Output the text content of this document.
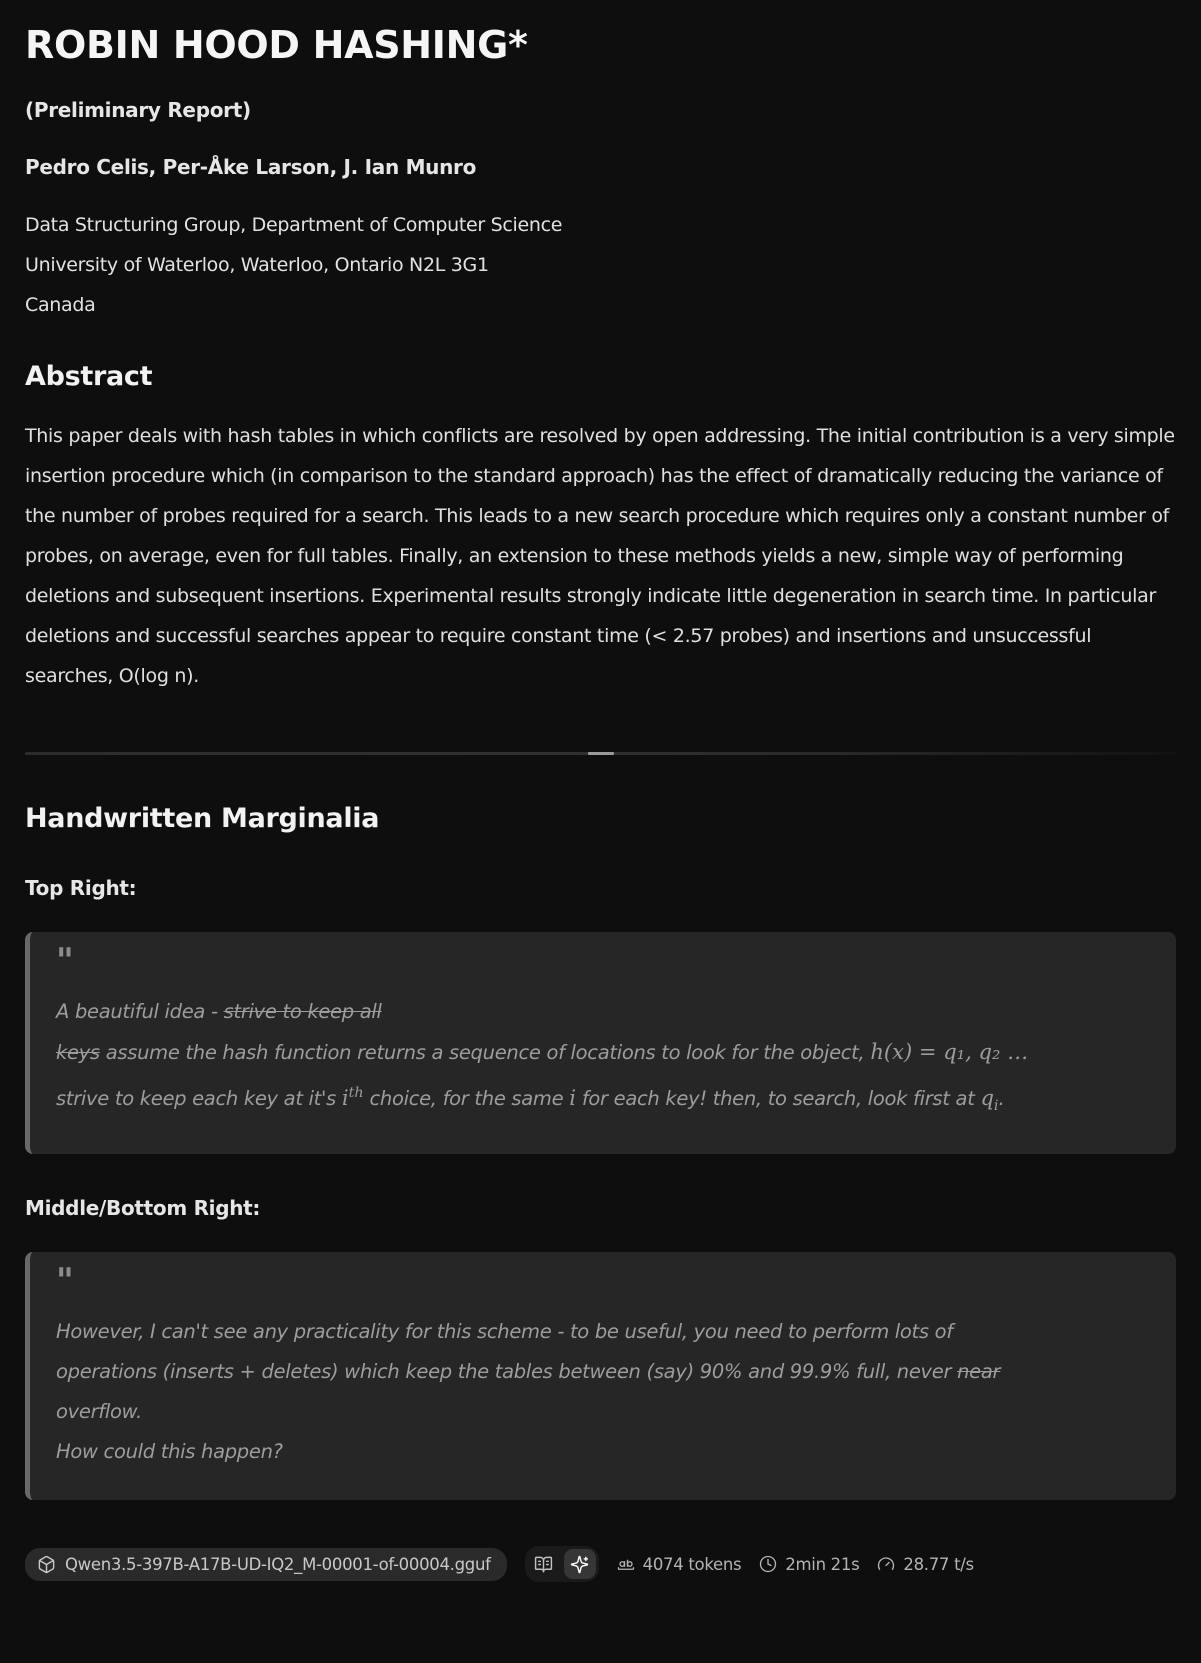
ROBIN HOOD HASHING*

(Preliminary Report)

Pedro Celis, Per-Åke Larson, J. Ian Munro

Data Structuring Group, Department of Computer Science
University of Waterloo, Waterloo, Ontario N2L 3G1
Canada
Abstract

This paper deals with hash tables in which conflicts are resolved by open addressing. The initial contribution is a very simple insertion procedure which (in comparison to the standard approach) has the effect of dramatically reducing the variance of the number of probes required for a search. This leads to a new search procedure which requires only a constant number of probes, on average, even for full tables. Finally, an extension to these methods yields a new, simple way of performing deletions and subsequent insertions. Experimental results strongly indicate little degeneration in search time. In particular deletions and successful searches appear to require constant time (< 2.57 probes) and insertions and unsuccessful searches, O(log n).

Handwritten Marginalia
Top Right:
"

A beautiful idea - strive to keep all
keys assume the hash function returns a sequence of locations to look for the object, h(x) = q₁, q₂ …
strive to keep each key at it's $i^{th}$ choice, for the same i for each key! then, to search, look first at $q_i$.

Middle/Bottom Right:
"

However, I can't see any practicality for this scheme - to be useful, you need to perform lots of
operations (inserts + deletes) which keep the tables between (say) 90% and 99.9% full, never near
overflow.
How could this happen?

Qwen3.5-397B-A17B-UD-IQ2_M-00001-of-00004.gguf	4074 tokens	2min 21s	28.77 t/s
